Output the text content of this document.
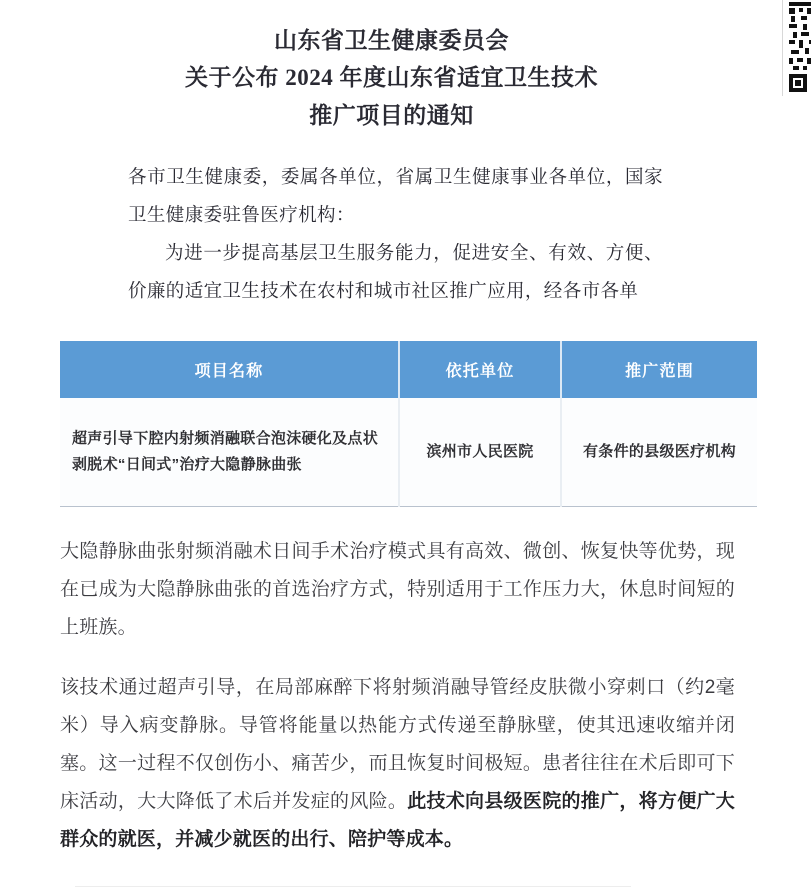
山东省卫生健康委员会
关于公布 2024 年度山东省适宜卫生技术
推广项目的通知

各市卫生健康委，委属各单位，省属卫生健康事业各单位，国家卫生健康委驻鲁医疗机构：

为进一步提高基层卫生服务能力，促进安全、有效、方便、价廉的适宜卫生技术在农村和城市社区推广应用，经各市各单

项目名称	依托单位	推广范围
超声引导下腔内射频消融联合泡沫硬化及点状剥脱术“日间式”治疗大隐静脉曲张	滨州市人民医院	有条件的县级医疗机构

大隐静脉曲张射频消融术日间手术治疗模式具有高效、微创、恢复快等优势，现在已成为大隐静脉曲张的首选治疗方式，特别适用于工作压力大，休息时间短的上班族。

该技术通过超声引导，在局部麻醉下将射频消融导管经皮肤微小穿刺口（约2毫米）导入病变静脉。导管将能量以热能方式传递至静脉壁，使其迅速收缩并闭塞。这一过程不仅创伤小、痛苦少，而且恢复时间极短。患者往往在术后即可下床活动，大大降低了术后并发症的风险。此技术向县级医院的推广，将方便广大群众的就医，并减少就医的出行、陪护等成本。
